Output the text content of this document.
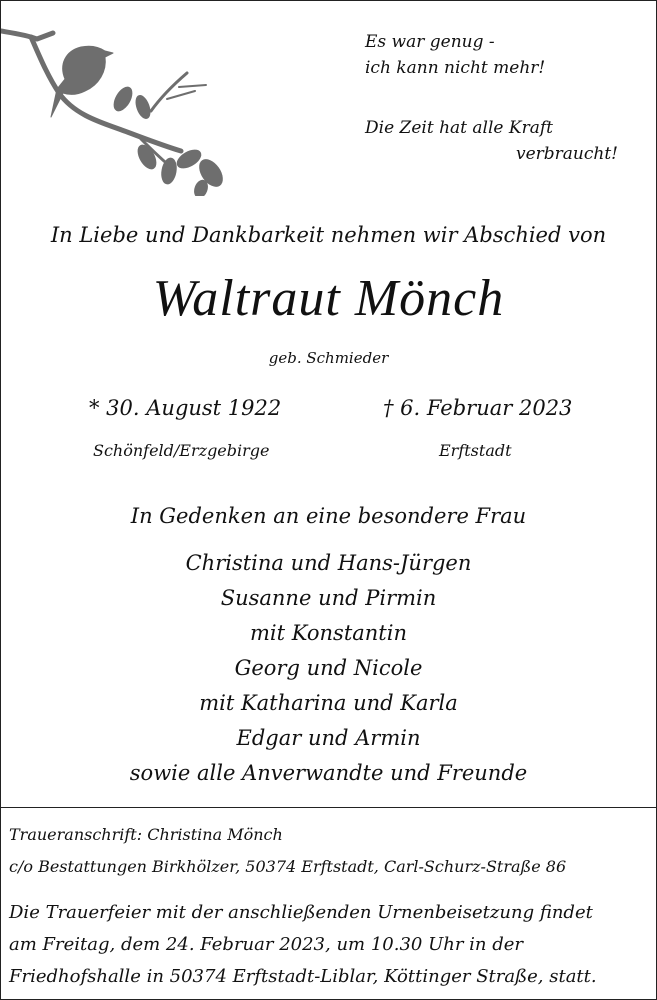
Es war genug -
ich kann nicht mehr!
Die Zeit hat alle Kraft
verbraucht!
In Liebe und Dankbarkeit nehmen wir Abschied von
Waltraut Mönch
geb. Schmieder
* 30. August 1922	† 6. Februar 2023
Schönfeld/Erzgebirge	Erftstadt
In Gedenken an eine besondere Frau
Christina und Hans-Jürgen
Susanne und Pirmin
mit Konstantin
Georg und Nicole
mit Katharina und Karla
Edgar und Armin
sowie alle Anverwandte und Freunde
Traueranschrift: Christina Mönch
c/o Bestattungen Birkhölzer, 50374 Erftstadt, Carl-Schurz-Straße 86
Die Trauerfeier mit der anschließenden Urnenbeisetzung findet
am Freitag, dem 24. Februar 2023, um 10.30 Uhr in der
Friedhofshalle in 50374 Erftstadt-Liblar, Köttinger Straße, statt.
